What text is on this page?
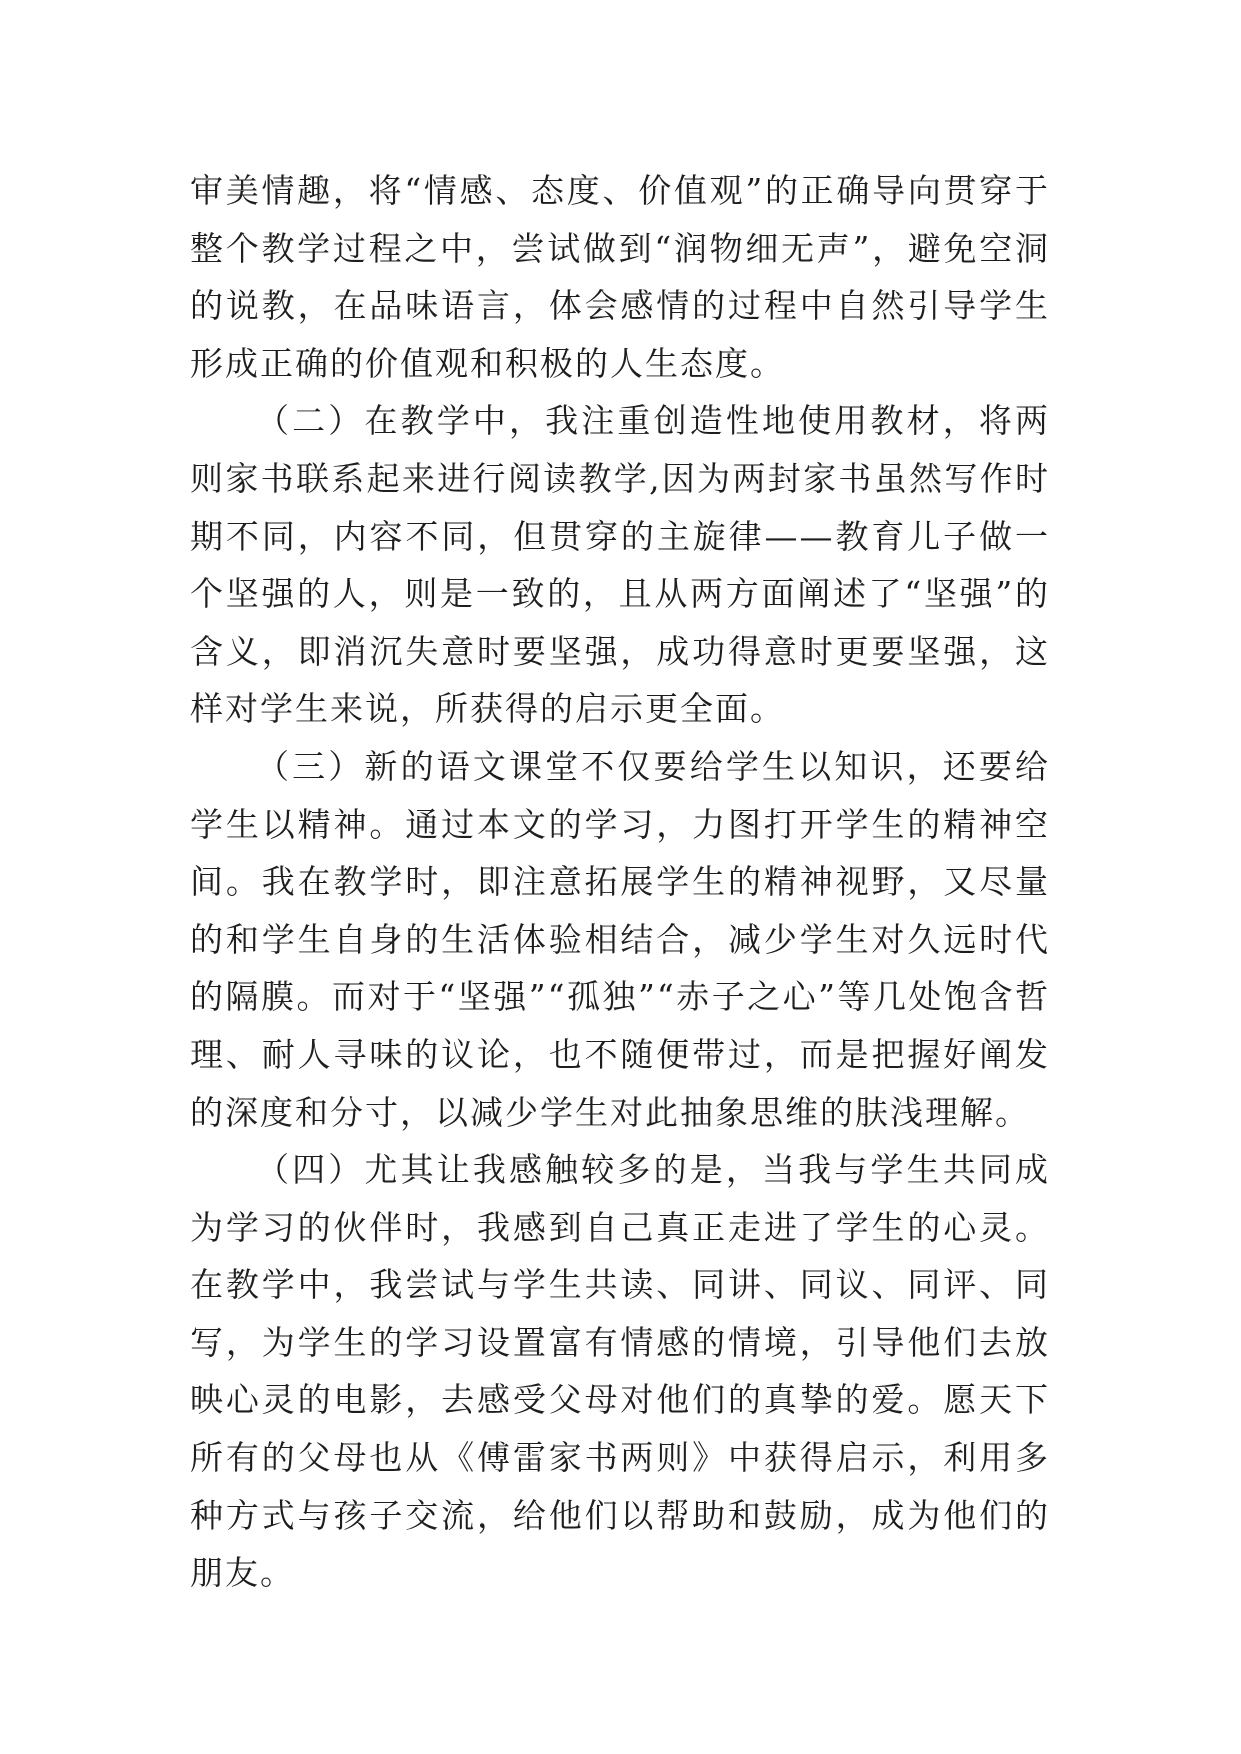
审美情趣，将“情感、态度、价值观”的正确导向贯穿于整个教学过程之中，尝试做到“润物细无声”，避免空洞的说教，在品味语言，体会感情的过程中自然引导学生形成正确的价值观和积极的人生态度。

（二）在教学中，我注重创造性地使用教材，将两则家书联系起来进行阅读教学,因为两封家书虽然写作时期不同，内容不同，但贯穿的主旋律——教育儿子做一个坚强的人，则是一致的，且从两方面阐述了“坚强”的含义，即消沉失意时要坚强，成功得意时更要坚强，这样对学生来说，所获得的启示更全面。

（三）新的语文课堂不仅要给学生以知识，还要给学生以精神。通过本文的学习，力图打开学生的精神空间。我在教学时，即注意拓展学生的精神视野，又尽量的和学生自身的生活体验相结合，减少学生对久远时代的隔膜。而对于“坚强”“孤独”“赤子之心”等几处饱含哲理、耐人寻味的议论，也不随便带过，而是把握好阐发的深度和分寸，以减少学生对此抽象思维的肤浅理解。

（四）尤其让我感触较多的是，当我与学生共同成为学习的伙伴时，我感到自己真正走进了学生的心灵。在教学中，我尝试与学生共读、同讲、同议、同评、同写，为学生的学习设置富有情感的情境，引导他们去放映心灵的电影，去感受父母对他们的真挚的爱。愿天下所有的父母也从《傅雷家书两则》中获得启示，利用多种方式与孩子交流，给他们以帮助和鼓励，成为他们的朋友。
